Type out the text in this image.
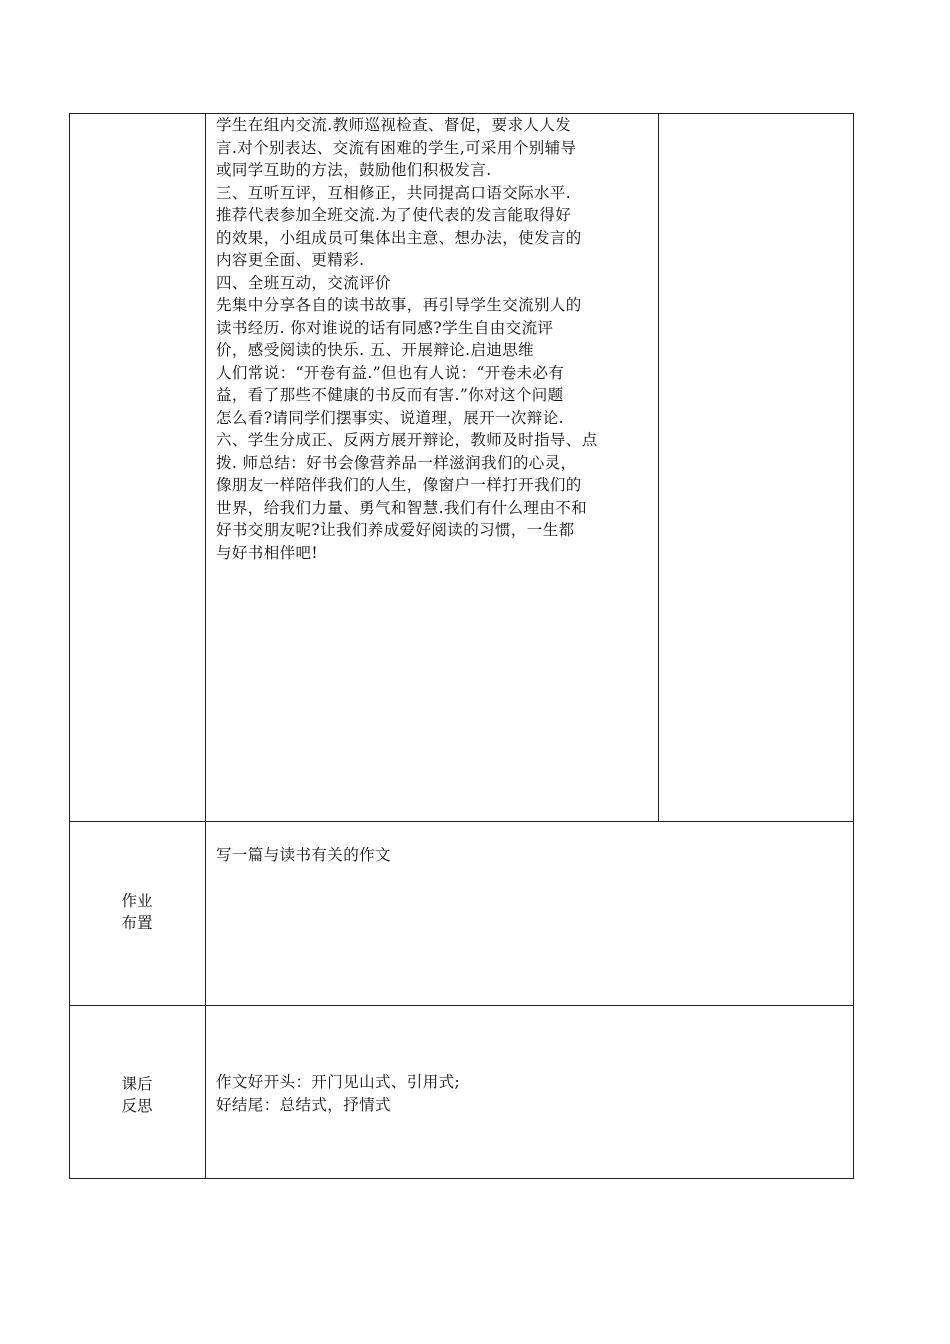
学生在组内交流.教师巡视检查、督促，要求人人发
言.对个别表达、交流有困难的学生,可采用个别辅导
或同学互助的方法，鼓励他们积极发言.
三、互听互评，互相修正，共同提高口语交际水平.
推荐代表参加全班交流.为了使代表的发言能取得好
的效果，小组成员可集体出主意、想办法，使发言的
内容更全面、更精彩.
四、全班互动，交流评价
先集中分享各自的读书故事，再引导学生交流别人的
读书经历. 你对谁说的话有同感?学生自由交流评
价，感受阅读的快乐. 五、开展辩论.启迪思维
人们常说：“开卷有益.”但也有人说：“开卷未必有
益，看了那些不健康的书反而有害.”你对这个问题
怎么看?请同学们摆事实、说道理，展开一次辩论.
六、学生分成正、反两方展开辩论，教师及时指导、点
拨. 师总结：好书会像营养品一样滋润我们的心灵，
像朋友一样陪伴我们的人生，像窗户一样打开我们的
世界，给我们力量、勇气和智慧.我们有什么理由不和
好书交朋友呢?让我们养成爱好阅读的习惯，一生都
与好书相伴吧!
作业
布置
写一篇与读书有关的作文
课后
反思
作文好开头：开门见山式、引用式;
好结尾：总结式，抒情式
